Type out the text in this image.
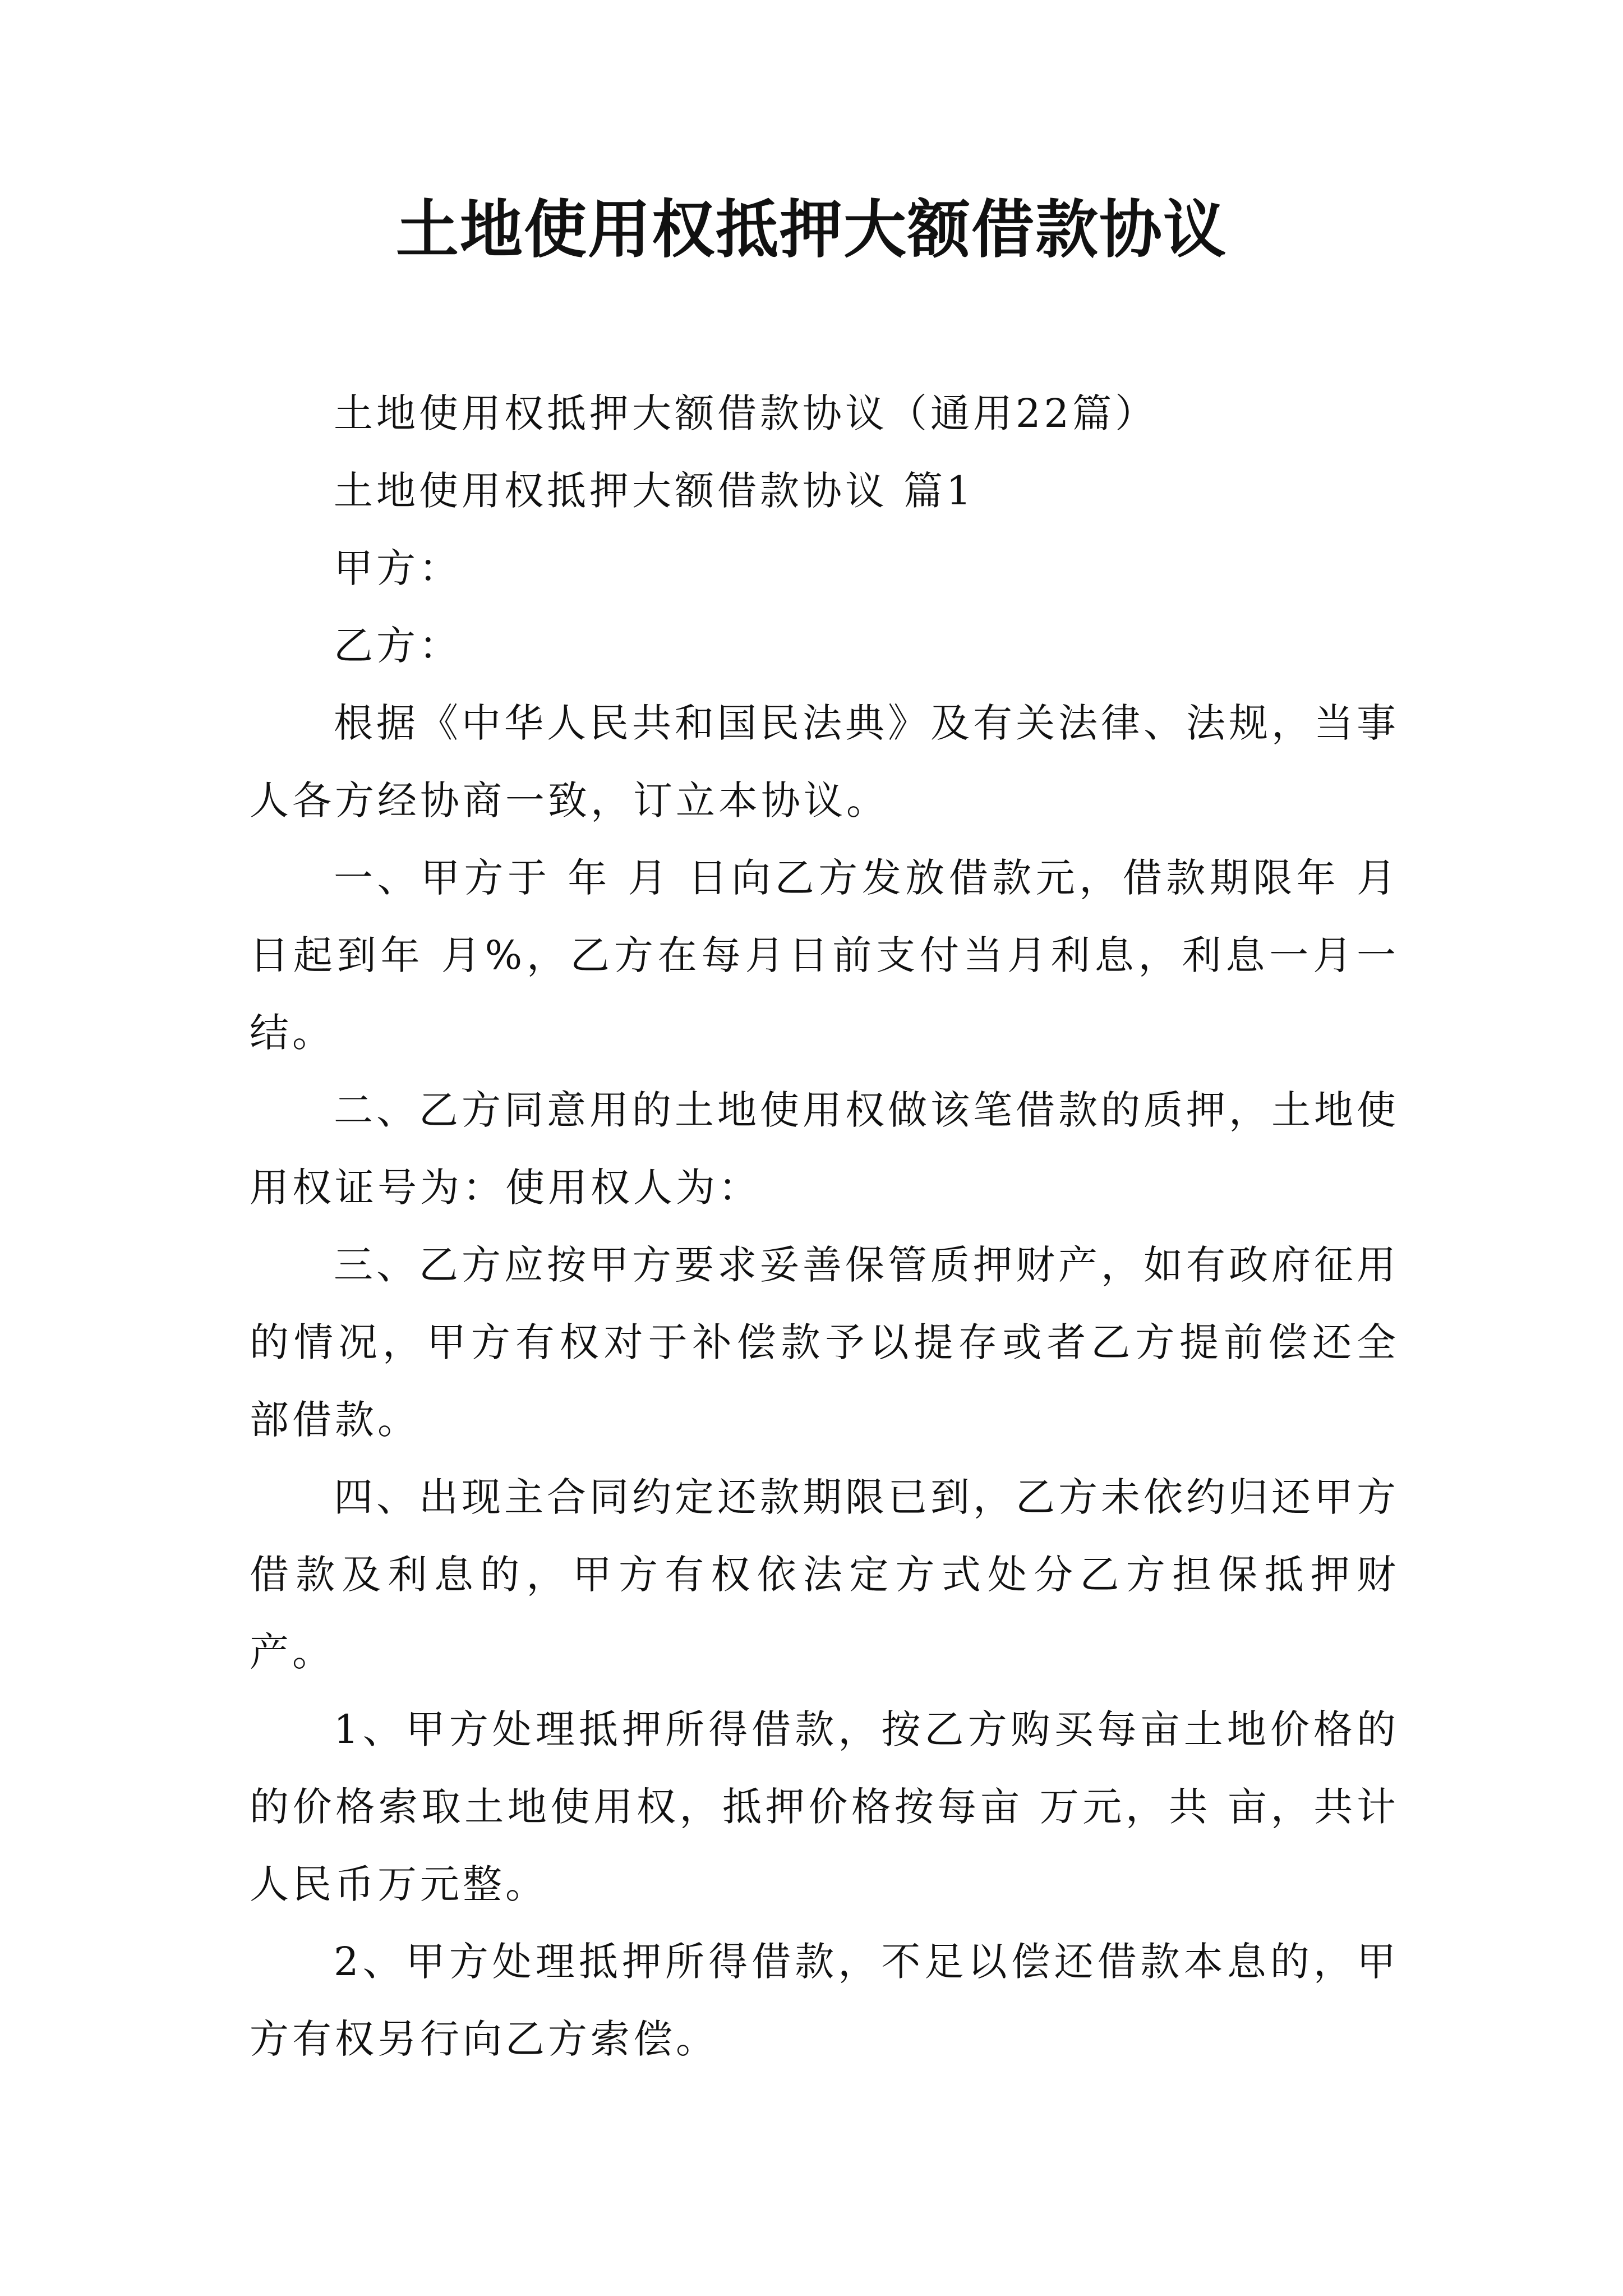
土地使用权抵押大额借款协议

土地使用权抵押大额借款协议（通用22篇）

土地使用权抵押大额借款协议 篇1

甲方：

乙方：

根据《中华人民共和国民法典》及有关法律、法规，当事人各方经协商一致，订立本协议。

一、甲方于 年 月 日向乙方发放借款元，借款期限年 月 日起到年 月%，乙方在每月日前支付当月利息，利息一月一结。

二、乙方同意用的土地使用权做该笔借款的质押，土地使用权证号为：使用权人为：

三、乙方应按甲方要求妥善保管质押财产，如有政府征用的情况，甲方有权对于补偿款予以提存或者乙方提前偿还全部借款。

四、出现主合同约定还款期限已到，乙方未依约归还甲方借款及利息的，甲方有权依法定方式处分乙方担保抵押财产。

1、甲方处理抵押所得借款，按乙方购买每亩土地价格的的价格索取土地使用权，抵押价格按每亩 万元，共 亩，共计人民币万元整。

2、甲方处理抵押所得借款，不足以偿还借款本息的，甲方有权另行向乙方索偿。
